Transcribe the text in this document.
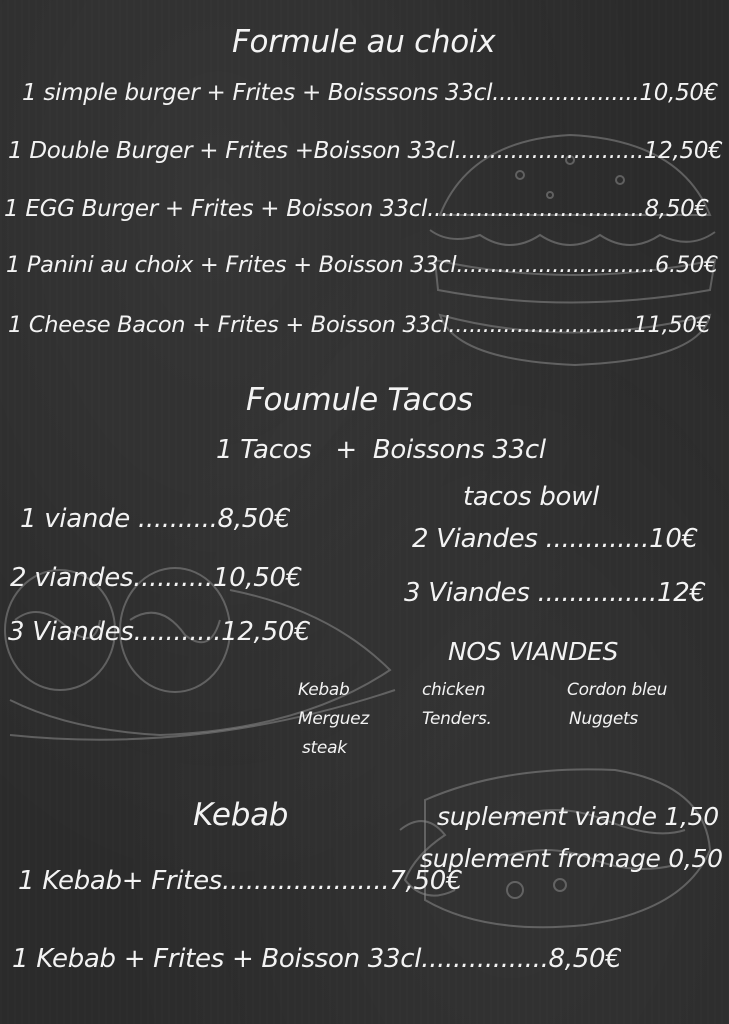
Formule au choix
1 simple burger + Frites + Boisssons 33cl.....................10,50€
1 Double Burger + Frites +Boisson 33cl...........................12,50€
1 EGG Burger + Frites + Boisson 33cl...............................8,50€
1 Panini au choix + Frites + Boisson 33cl.............................6.50€
1 Cheese Bacon + Frites + Boisson 33cl...........................11,50€
Foumule Tacos
1 Tacos   +  Boissons 33cl
1 viande ..........8,50€
2 viandes..........10,50€
3 Viandes...........12,50€
tacos bowl
2 Viandes .............10€
3 Viandes ...............12€
NOS VIANDES
Kebab
Merguez
steak
chicken
Tenders.
Cordon bleu
Nuggets
Kebab	suplement viande 1,50
suplement fromage 0,50
1 Kebab+ Frites.....................7,50€
1 Kebab + Frites + Boisson 33cl................8,50€
